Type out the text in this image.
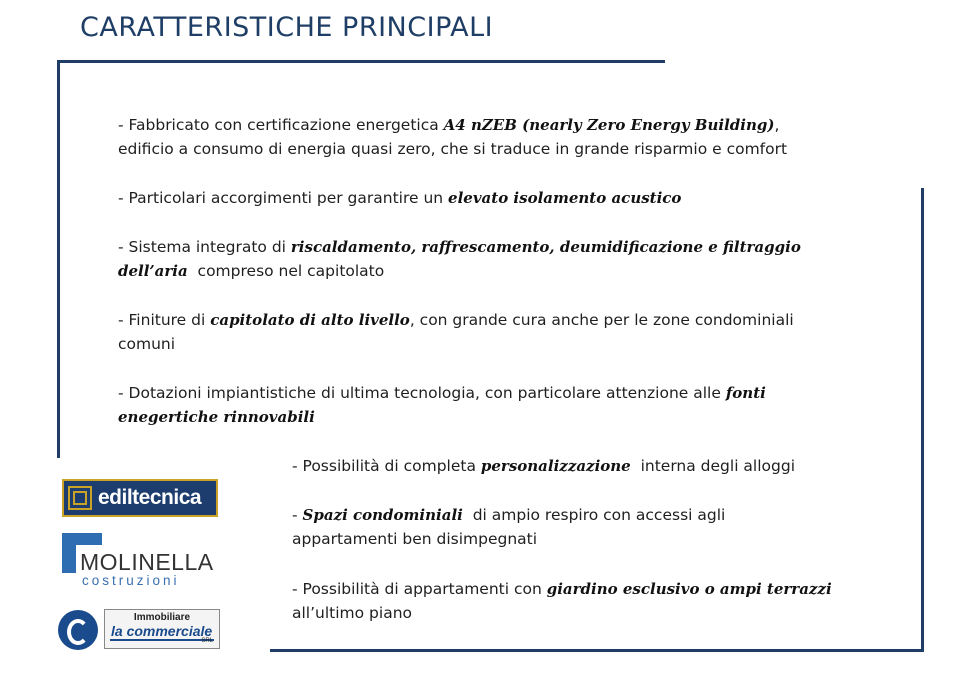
CARATTERISTICHE PRINCIPALI
- Fabbricato con certificazione energetica A4 nZEB (nearly Zero Energy Building),
edificio a consumo di energia quasi zero, che si traduce in grande risparmio e comfort
- Particolari accorgimenti per garantire un elevato isolamento acustico
- Sistema integrato di riscaldamento, raffrescamento, deumidificazione e filtraggio
dell’aria  compreso nel capitolato
- Finiture di capitolato di alto livello, con grande cura anche per le zone condominiali
comuni
- Dotazioni impiantistiche di ultima tecnologia, con particolare attenzione alle fonti
enegertiche rinnovabili
- Possibilità di completa personalizzazione  interna degli alloggi
- Spazi condominiali  di ampio respiro con accessi agli
appartamenti ben disimpegnati
- Possibilità di appartamenti con giardino esclusivo o ampi terrazzi
all’ultimo piano
ediltecnica
MOLINELLA
costruzioni
Immobiliare
la commerciale
SRL
